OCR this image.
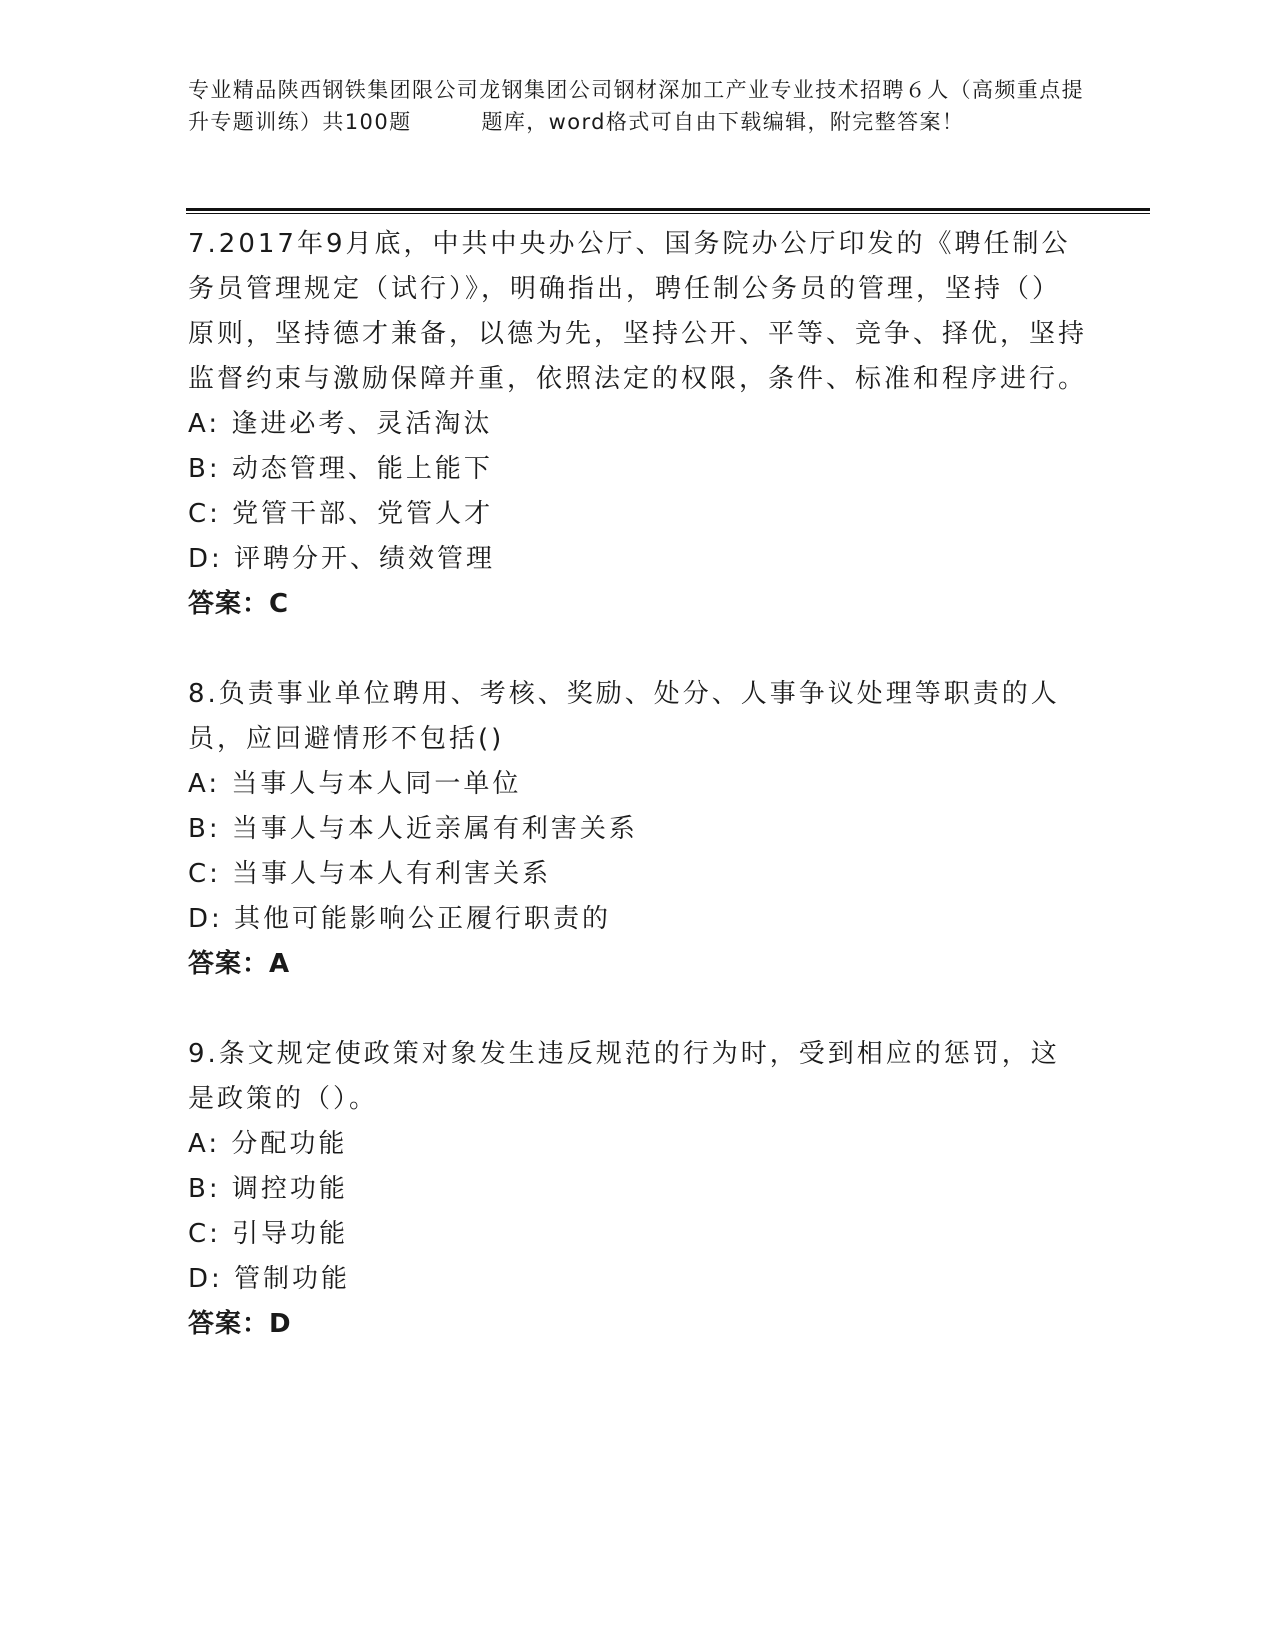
专业精品陕西钢铁集团限公司龙钢集团公司钢材深加工产业专业技术招聘６人（高频重点提升专题训练）共100题	题库，word格式可自由下载编辑，附完整答案！

7.2017年9月底，中共中央办公厅、国务院办公厅印发的《聘任制公务员管理规定（试行）》，明确指出，聘任制公务员的管理，坚持（）原则，坚持德才兼备，以德为先，坚持公开、平等、竞争、择优，坚持监督约束与激励保障并重，依照法定的权限，条件、标准和程序进行。

A: 逢进必考、灵活淘汰

B: 动态管理、能上能下

C: 党管干部、党管人才

D: 评聘分开、绩效管理

答案：C

8.负责事业单位聘用、考核、奖励、处分、人事争议处理等职责的人员，应回避情形不包括()

A: 当事人与本人同一单位

B: 当事人与本人近亲属有利害关系

C: 当事人与本人有利害关系

D: 其他可能影响公正履行职责的

答案：A

9.条文规定使政策对象发生违反规范的行为时，受到相应的惩罚，这是政策的（）。

A: 分配功能

B: 调控功能

C: 引导功能

D: 管制功能

答案：D
